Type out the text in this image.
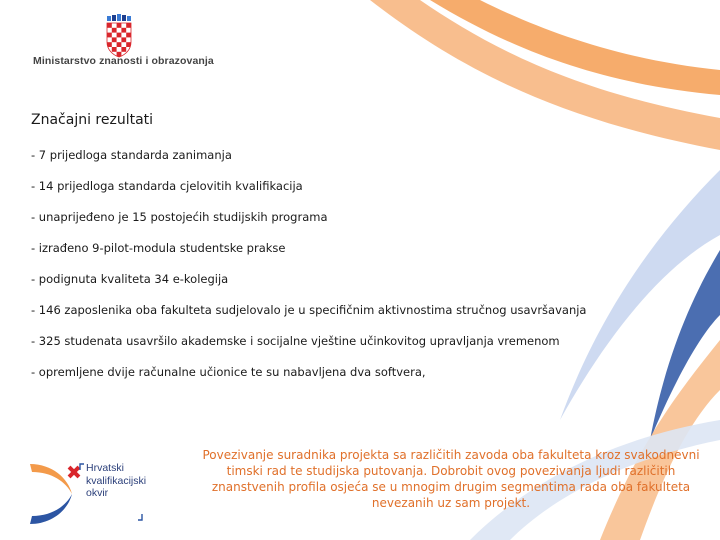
Ministarstvo znanosti i obrazovanja
Značajni rezultati
- 7 prijedloga standarda zanimanja
- 14 prijedloga standarda cjelovitih kvalifikacija
- unaprijeđeno je 15 postojećih studijskih programa
- izrađeno 9-pilot-modula studentske prakse
- podignuta kvaliteta 34 e-kolegija
- 146 zaposlenika oba fakulteta sudjelovalo je u specifičnim aktivnostima stručnog usavršavanja
- 325 studenata usavršilo akademske i socijalne vještine učinkovitog upravljanja vremenom
- opremljene dvije računalne učionice te su nabavljena dva softvera,
Hrvatski
kvalifikacijski
okvir
Povezivanje suradnika projekta sa različitih zavoda oba fakulteta kroz svakodnevni timski rad te studijska putovanja. Dobrobit ovog povezivanja ljudi različitih znanstvenih profila osjeća se u mnogim drugim segmentima rada oba fakulteta nevezanih uz sam projekt.
